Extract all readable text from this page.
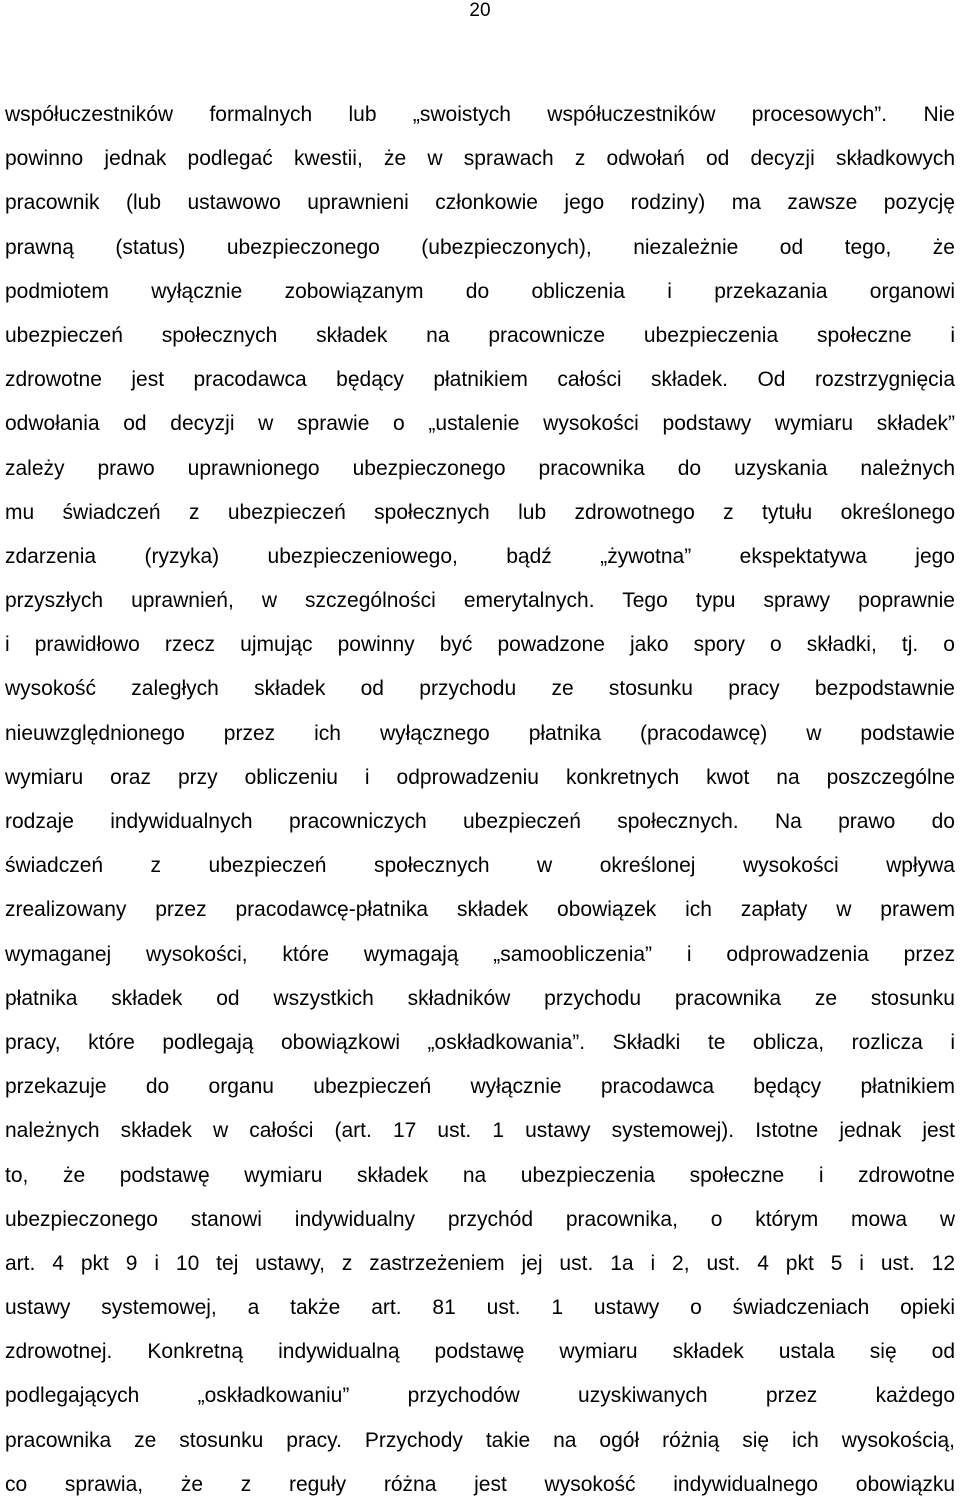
20
współuczestników formalnych lub „swoistych współuczestników procesowych”. Nie
powinno jednak podlegać kwestii, że w sprawach z odwołań od decyzji składkowych
pracownik (lub ustawowo uprawnieni członkowie jego rodziny) ma zawsze pozycję
prawną (status) ubezpieczonego (ubezpieczonych), niezależnie od tego, że
podmiotem wyłącznie zobowiązanym do obliczenia i przekazania organowi
ubezpieczeń społecznych składek na pracownicze ubezpieczenia społeczne i
zdrowotne jest pracodawca będący płatnikiem całości składek. Od rozstrzygnięcia
odwołania od decyzji w sprawie o „ustalenie wysokości podstawy wymiaru składek”
zależy prawo uprawnionego ubezpieczonego pracownika do uzyskania należnych
mu świadczeń z ubezpieczeń społecznych lub zdrowotnego z tytułu określonego
zdarzenia (ryzyka) ubezpieczeniowego, bądź „żywotna” ekspektatywa jego
przyszłych uprawnień, w szczególności emerytalnych. Tego typu sprawy poprawnie
i prawidłowo rzecz ujmując powinny być powadzone jako spory o składki, tj. o
wysokość zaległych składek od przychodu ze stosunku pracy bezpodstawnie
nieuwzględnionego przez ich wyłącznego płatnika (pracodawcę) w podstawie
wymiaru oraz przy obliczeniu i odprowadzeniu konkretnych kwot na poszczególne
rodzaje indywidualnych pracowniczych ubezpieczeń społecznych. Na prawo do
świadczeń z ubezpieczeń społecznych w określonej wysokości wpływa
zrealizowany przez pracodawcę-płatnika składek obowiązek ich zapłaty w prawem
wymaganej wysokości, które wymagają „samoobliczenia” i odprowadzenia przez
płatnika składek od wszystkich składników przychodu pracownika ze stosunku
pracy, które podlegają obowiązkowi „oskładkowania”. Składki te oblicza, rozlicza i
przekazuje do organu ubezpieczeń wyłącznie pracodawca będący płatnikiem
należnych składek w całości (art. 17 ust. 1 ustawy systemowej). Istotne jednak jest
to, że podstawę wymiaru składek na ubezpieczenia społeczne i zdrowotne
ubezpieczonego stanowi indywidualny przychód pracownika, o którym mowa w
art. 4 pkt 9 i 10 tej ustawy, z zastrzeżeniem jej ust. 1a i 2, ust. 4 pkt 5 i ust. 12
ustawy systemowej, a także art. 81 ust. 1 ustawy o świadczeniach opieki
zdrowotnej. Konkretną indywidualną podstawę wymiaru składek ustala się od
podlegających „oskładkowaniu” przychodów uzyskiwanych przez każdego
pracownika ze stosunku pracy. Przychody takie na ogół różnią się ich wysokością,
co sprawia, że z reguły różna jest wysokość indywidualnego obowiązku
